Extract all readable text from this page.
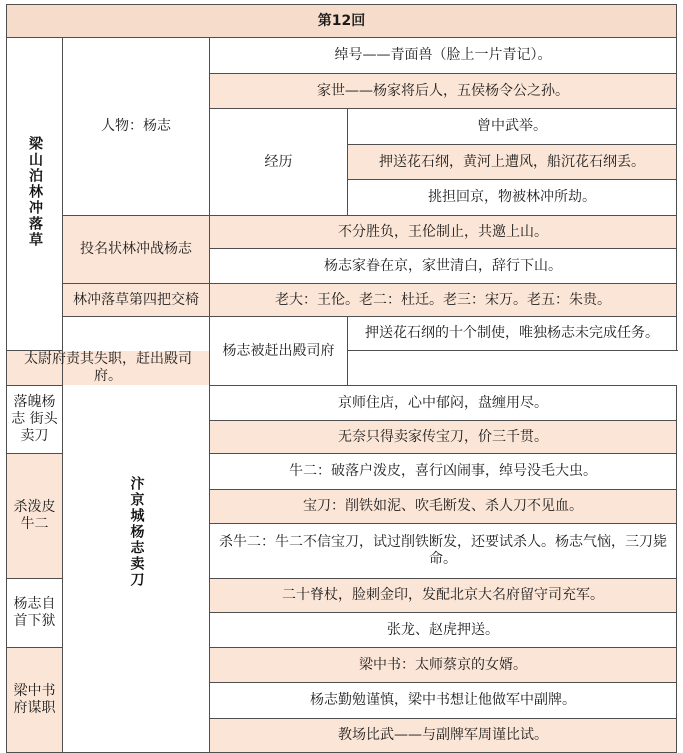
第12回			
梁山泊林冲落草	人物：杨志	绰号——青面兽（脸上一片青记）。	
		家世——杨家将后人，五侯杨令公之孙。	
		经历	曾中武举。
			押送花石纲，黄河上遭风，船沉花石纲丢。
			挑担回京，物被林冲所劫。
	投名状林冲战杨志	不分胜负，王伦制止，共邀上山。	
		杨志家眷在京，家世清白，辞行下山。	
	林冲落草第四把交椅	老大：王伦。老二：杜迁。老三：宋万。老五：朱贵。	
	汴京城杨志卖刀	杨志被赶出殿司府	押送花石纲的十个制使，唯独杨志未完成任务。
太尉府责其失职，赶出殿司府。			
落魄杨志 街头卖刀		京师住店，心中郁闷，盘缠用尽。	
		无奈只得卖家传宝刀，价三千贯。	
杀泼皮牛二		牛二：破落户泼皮，喜行凶闹事，绰号没毛大虫。	
		宝刀：削铁如泥、吹毛断发、杀人刀不见血。	
		杀牛二：牛二不信宝刀，试过削铁断发，还要试杀人。杨志气恼，三刀毙命。	
杨志自首下狱		二十脊杖，脸刺金印，发配北京大名府留守司充军。	
		张龙、赵虎押送。	
梁中书府谋职		梁中书：太师蔡京的女婿。	
		杨志勤勉谨慎，梁中书想让他做军中副牌。	
		教场比武——与副牌军周谨比试。	
